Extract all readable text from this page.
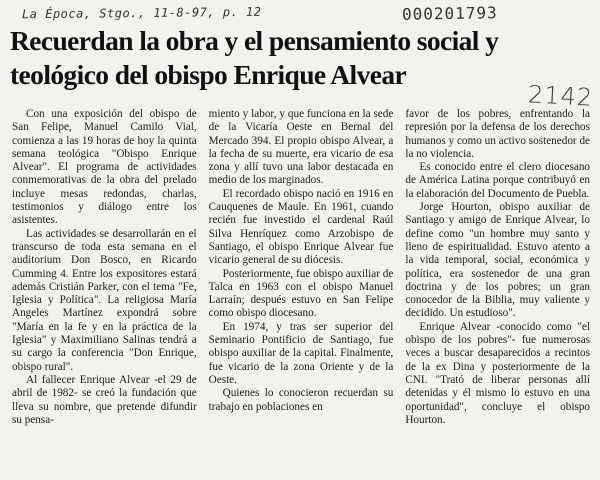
La Época, Stgo., 11-8-97, p. 12	000201793
2142
Recuerdan la obra y el pensamiento social y teológico del obispo Enrique Alvear

Con una exposición del obispo de San Felipe, Manuel Camilo Vial, comienza a las 19 horas de hoy la quinta semana teológica "Obispo Enrique Alvear". El programa de actividades conmemorativas de la obra del prelado incluye mesas redondas, charlas, testimonios y diálogo entre los asistentes.

Las actividades se desarrollarán en el transcurso de toda esta semana en el auditorium Don Bosco, en Ricardo Cumming 4. Entre los expositores estará además Cristián Parker, con el tema "Fe, Iglesia y Política". La religiosa María Angeles Martínez expondrá sobre "María en la fe y en la práctica de la Iglesia" y Maximiliano Salinas tendrá a su cargo la conferencia "Don Enrique, obispo rural".

Al fallecer Enrique Alvear -el 29 de abril de 1982- se creó la fundación que lleva su nombre, que pretende difundir su pensa-

miento y labor, y que funciona en la sede de la Vicaría Oeste en Bernal del Mercado 394. El propio obispo Alvear, a la fecha de su muerte, era vicario de esa zona y allí tuvo una labor destacada en medio de los marginados.

El recordado obispo nació en 1916 en Cauquenes de Maule. En 1961, cuando recién fue investido el cardenal Raúl Silva Henríquez como Arzobispo de Santiago, el obispo Enrique Alvear fue vicario general de su diócesis.

Posteriormente, fue obispo auxiliar de Talca en 1963 con el obispo Manuel Larraín; después estuvo en San Felipe como obispo diocesano.

En 1974, y tras ser superior del Seminario Pontificio de Santiago, fue obispo auxiliar de la capital. Finalmente, fue vicario de la zona Oriente y de la Oeste.

Quienes lo conocieron recuerdan su trabajo en poblaciones en

favor de los pobres, enfrentando la represión por la defensa de los derechos humanos y como un activo sostenedor de la no violencia.

Es conocido entre el clero diocesano de América Latina porque contribuyó en la elaboración del Documento de Puebla.

Jorge Hourton, obispo auxiliar de Santiago y amigo de Enrique Alvear, lo define como "un hombre muy santo y lleno de espiritualidad. Estuvo atento a la vida temporal, social, económica y política, era sostenedor de una gran doctrina y de los pobres; un gran conocedor de la Biblia, muy valiente y decidido. Un estudioso".

Enrique Alvear -conocido como "el obispo de los pobres"- fue numerosas veces a buscar desaparecidos a recintos de la ex Dina y posteriormente de la CNI. "Trató de liberar personas allí detenidas y él mismo lo estuvo en una oportunidad", concluye el obispo Hourton.
